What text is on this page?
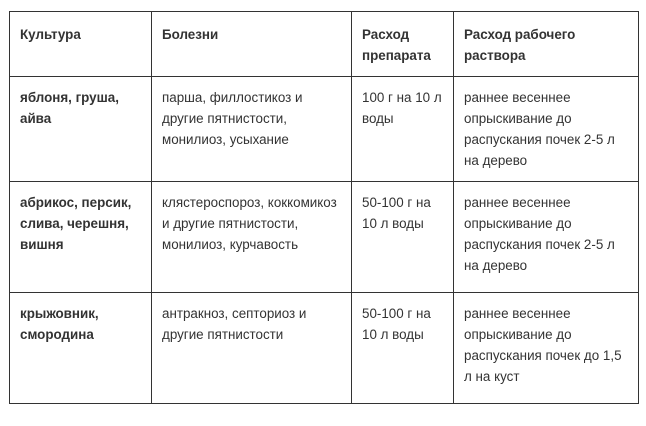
Культура	Болезни	Расход препарата	Расход рабочего раствора
яблоня, груша, айва	парша, филлостикоз и другие пятнистости, монилиоз, усыхание	100 г на 10 л воды	раннее весеннее опрыскивание до распускания почек 2-5 л на дерево
абрикос, персик, слива, черешня, вишня	клястероспороз, коккомикоз и другие пятнистости, монилиоз, курчавость	50-100 г на 10 л воды	раннее весеннее опрыскивание до распускания почек 2-5 л на дерево
крыжовник, смородина	антракноз, септориоз и другие пятнистости	50-100 г на 10 л воды	раннее весеннее опрыскивание до распускания почек до 1,5 л на куст
